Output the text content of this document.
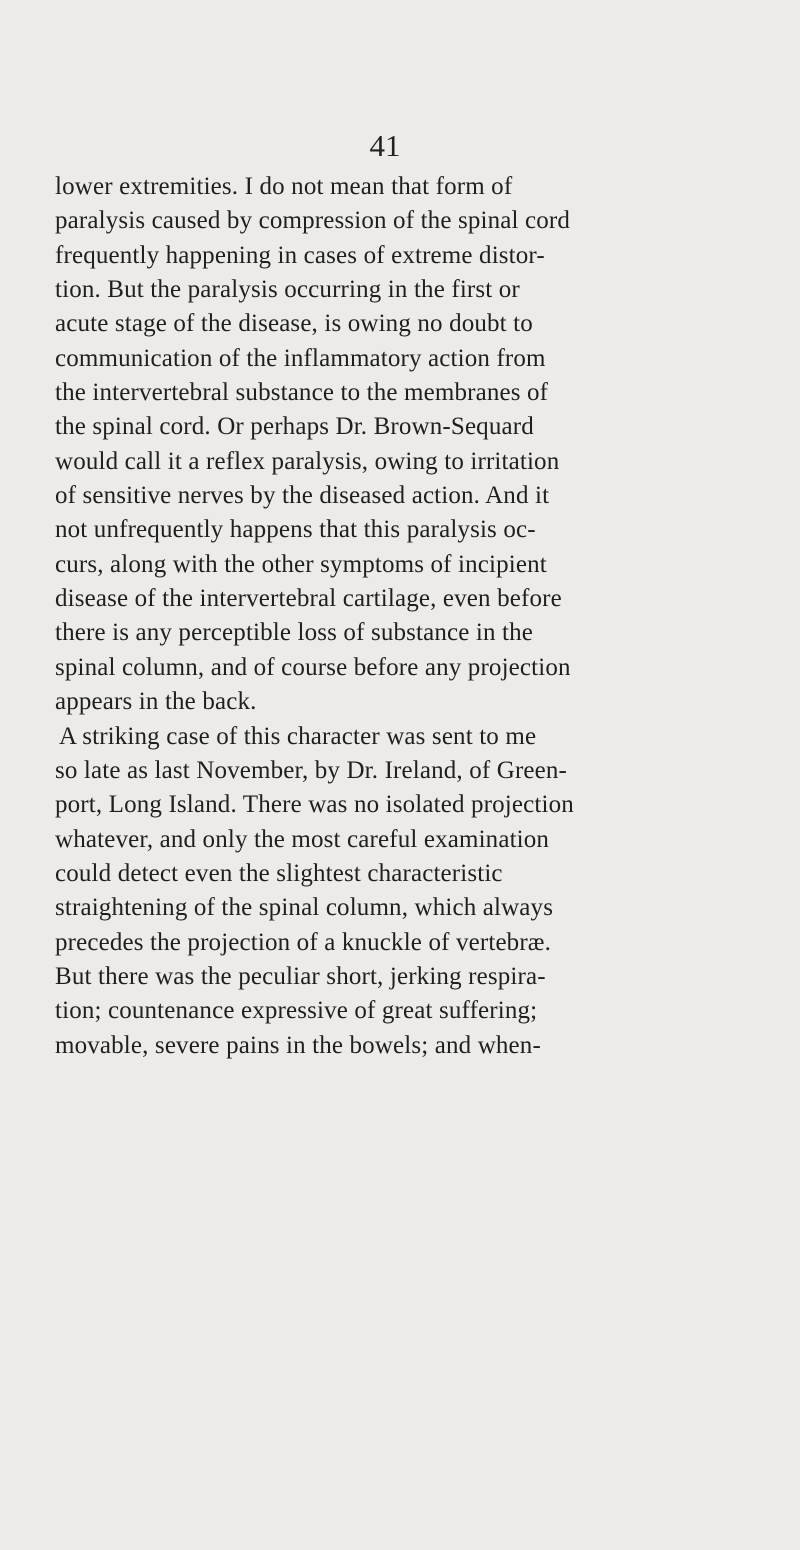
41
lower extremities. I do not mean that form of
paralysis caused by compression of the spinal cord
frequently happening in cases of extreme distor-
tion. But the paralysis occurring in the first or
acute stage of the disease, is owing no doubt to
communication of the inflammatory action from
the intervertebral substance to the membranes of
the spinal cord. Or perhaps Dr. Brown-Sequard
would call it a reflex paralysis, owing to irritation
of sensitive nerves by the diseased action. And it
not unfrequently happens that this paralysis oc-
curs, along with the other symptoms of incipient
disease of the intervertebral cartilage, even before
there is any perceptible loss of substance in the
spinal column, and of course before any projection
appears in the back.
A striking case of this character was sent to me
so late as last November, by Dr. Ireland, of Green-
port, Long Island. There was no isolated projection
whatever, and only the most careful examination
could detect even the slightest characteristic
straightening of the spinal column, which always
precedes the projection of a knuckle of vertebræ.
But there was the peculiar short, jerking respira-
tion; countenance expressive of great suffering;
movable, severe pains in the bowels; and when-
